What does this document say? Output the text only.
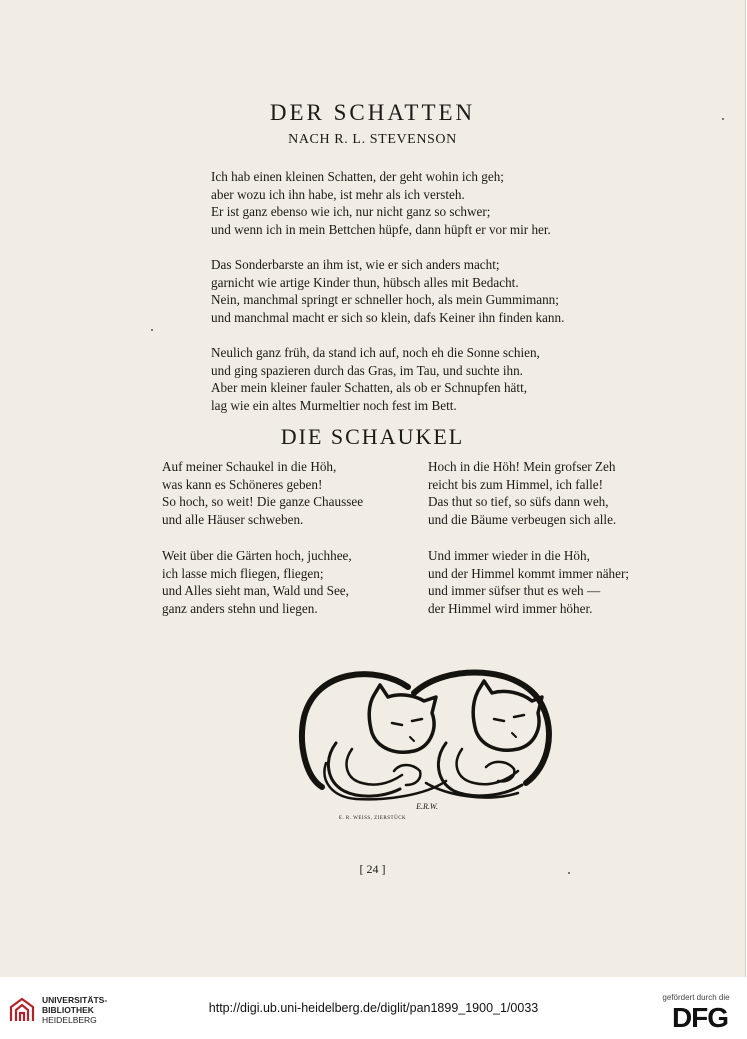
DER SCHATTEN
NACH R. L. STEVENSON
Ich hab einen kleinen Schatten, der geht wohin ich geh;
aber wozu ich ihn habe, ist mehr als ich versteh.
Er ist ganz ebenso wie ich, nur nicht ganz so schwer;
und wenn ich in mein Bettchen hüpfe, dann hüpft er vor mir her.
Das Sonderbarste an ihm ist, wie er sich anders macht;
garnicht wie artige Kinder thun, hübsch alles mit Bedacht.
Nein, manchmal springt er schneller hoch, als mein Gummimann;
und manchmal macht er sich so klein, dafs Keiner ihn finden kann.
Neulich ganz früh, da stand ich auf, noch eh die Sonne schien,
und ging spazieren durch das Gras, im Tau, und suchte ihn.
Aber mein kleiner fauler Schatten, als ob er Schnupfen hätt,
lag wie ein altes Murmeltier noch fest im Bett.
DIE SCHAUKEL
Auf meiner Schaukel in die Höh,
was kann es Schöneres geben!
So hoch, so weit! Die ganze Chaussee
und alle Häuser schweben.
Weit über die Gärten hoch, juchhee,
ich lasse mich fliegen, fliegen;
und Alles sieht man, Wald und See,
ganz anders stehn und liegen.
Hoch in die Höh! Mein grofser Zeh
reicht bis zum Himmel, ich falle!
Das thut so tief, so süfs dann weh,
und die Bäume verbeugen sich alle.
Und immer wieder in die Höh,
und der Himmel kommt immer näher;
und immer süfser thut es weh —
der Himmel wird immer höher.
E.R.W.
E. R. WEISS, ZIERSTÜCK
[ 24 ]
UNIVERSITÄTS-
BIBLIOTHEK
HEIDELBERG
http://digi.ub.uni-heidelberg.de/diglit/pan1899_1900_1/0033
gefördert durch die
DFG
